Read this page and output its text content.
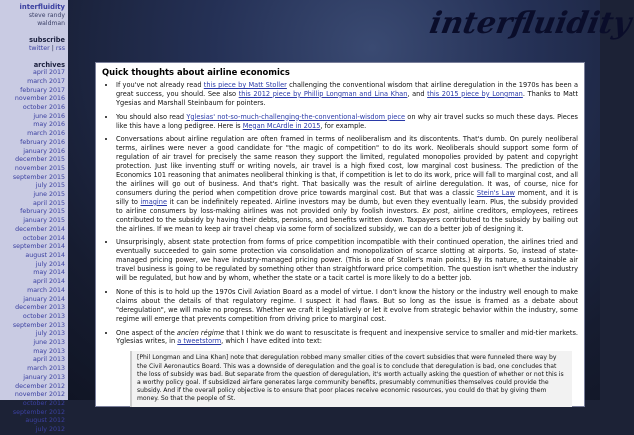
interfluidity
steve randy waldman
subscribe
twitter | rss
archives
april 2017
march 2017
february 2017
november 2016
october 2016
june 2016
may 2016
march 2016
february 2016
january 2016
december 2015
november 2015
september 2015
july 2015
june 2015
april 2015
february 2015
january 2015
december 2014
october 2014
september 2014
august 2014
july 2014
may 2014
april 2014
march 2014
january 2014
december 2013
october 2013
september 2013
july 2013
june 2013
may 2013
april 2013
march 2013
january 2013
december 2012
november 2012
october 2012
september 2012
august 2012
july 2012
interfluidity
Quick thoughts about airline economics
• If you've not already read this piece by Matt Stoller challenging the conventional wisdom that airline deregulation in the 1970s has been a great success, you should. See also this 2012 piece by Phillip Longman and Lina Khan, and this 2015 piece by Longman. Thanks to Matt Ygesias and Marshall Steinbaum for pointers.
• You should also read Yglesias' not-so-much-challenging-the-conventional-wisdom piece on why air travel sucks so much these days. Pieces like this have a long pedigree. Here is Megan McArdle in 2015, for example.
• Conversations about airline regulation are often framed in terms of neoliberalism and its discontents. That's dumb. On purely neoliberal terms, airlines were never a good candidate for "the magic of competition" to do its work. Neoliberals should support some form of regulation of air travel for precisely the same reason they support the limited, regulated monopolies provided by patent and copyright protection. Just like inventing stuff or writing novels, air travel is a high fixed cost, low marginal cost business. The prediction of the Economics 101 reasoning that animates neoliberal thinking is that, if competition is let to do its work, price will fall to marginal cost, and all the airlines will go out of business. And that's right. That basically was the result of airline deregulation. It was, of course, nice for consumers during the period when competition drove price towards marginal cost. But that was a classic Stein's Law moment, and it is silly to imagine it can be indefinitely repeated. Airline investors may be dumb, but even they eventually learn. Plus, the subsidy provided to airline consumers by loss-making airlines was not provided only by foolish investors. Ex post, airline creditors, employees, retirees contributed to the subsidy by having their debts, pensions, and benefits written down. Taxpayers contributed to the subsidy by bailing out the airlines. If we mean to keep air travel cheap via some form of socialized subsidy, we can do a better job of designing it.
• Unsurprisingly, absent state protection from forms of price competition incompatible with their continued operation, the airlines tried and eventually succeeded to gain some protection via consolidation and monopolization of scarce slotting at airports. So, instead of state-managed pricing power, we have industry-managed pricing power. (This is one of Stoller's main points.) By its nature, a sustainable air travel business is going to be regulated by something other than straightforward price competition. The question isn't whether the industry will be regulated, but how and by whom, whether the state or a tacit cartel is more likely to do a better job.
• None of this is to hold up the 1970s Civil Aviation Board as a model of virtue. I don't know the history or the industry well enough to make claims about the details of that regulatory regime. I suspect it had flaws. But so long as the issue is framed as a debate about "deregulation", we will make no progress. Whether we craft it legislatively or let it evolve from strategic behavior within the industry, some regime will emerge that prevents competition from driving price to marginal cost.
• One aspect of the ancien régime that I think we do want to resuscitate is frequent and inexpensive service to smaller and mid-tier markets. Yglesias writes, in a tweetstorm, which I have edited into text:
[Phil Longman and Lina Khan] note that deregulation robbed many smaller cities of the covert subsidies that were funneled there way by the Civil Aeronautics Board. This was a downside of deregulation and the goal is to conclude that deregulation is bad, one concludes that the loss of subsidy was bad. But separate from the question of deregulation, it's worth actually asking the question of whether or not this is a worthy policy goal. If subsidized airfare generates large community benefits, presumably communities themselves could provide the subsidy. And if the overall policy objective is to ensure that poor places receive economic resources, you could do that by giving them money. So that the people of St.
